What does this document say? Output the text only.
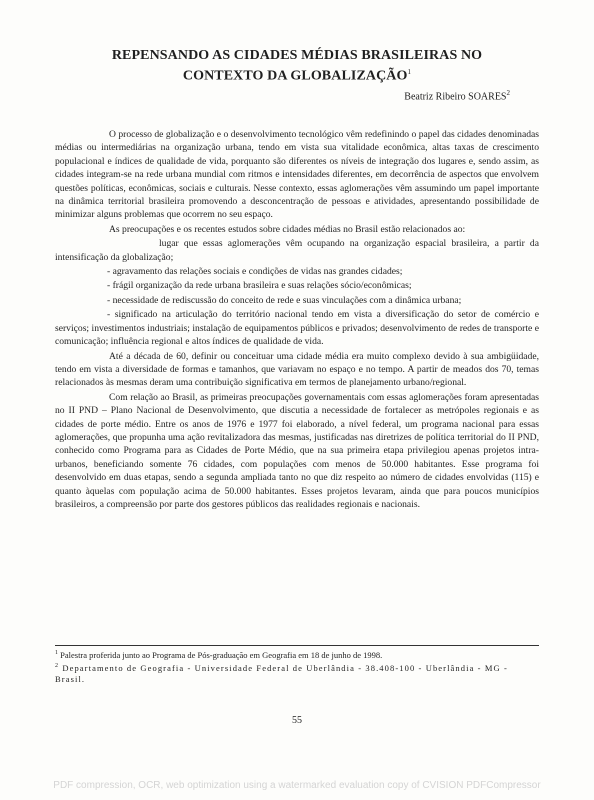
REPENSANDO AS CIDADES MÉDIAS BRASILEIRAS NO
CONTEXTO DA GLOBALIZAÇÃO$^1$
Beatriz Ribeiro SOARES$^2$

O processo de globalização e o desenvolvimento tecnológico vêm redefinindo o papel das cidades denominadas médias ou intermediárias na organização urbana, tendo em vista sua vitalidade econômica, altas taxas de crescimento populacional e índices de qualidade de vida, porquanto são diferentes os níveis de integração dos lugares e, sendo assim, as cidades integram-se na rede urbana mundial com ritmos e intensidades diferentes, em decorrência de aspectos que envolvem questões políticas, econômicas, sociais e culturais. Nesse contexto, essas aglomerações vêm assumindo um papel importante na dinâmica territorial brasileira promovendo a desconcentração de pessoas e atividades, apresentando possibilidade de minimizar alguns problemas que ocorrem no seu espaço.

As preocupações e os recentes estudos sobre cidades médias no Brasil estão relacionados ao:

lugar que essas aglomerações vêm ocupando na organização espacial brasileira, a partir da intensificação da globalização;

- agravamento das relações sociais e condições de vidas nas grandes cidades;

- frágil organização da rede urbana brasileira e suas relações sócio/econômicas;

- necessidade de rediscussão do conceito de rede e suas vinculações com a dinâmica urbana;

- significado na articulação do território nacional tendo em vista a diversificação do setor de comércio e serviços; investimentos industriais; instalação de equipamentos públicos e privados; desenvolvimento de redes de transporte e comunicação; influência regional e altos índices de qualidade de vida.

Até a década de 60, definir ou conceituar uma cidade média era muito complexo devido à sua ambigüidade, tendo em vista a diversidade de formas e tamanhos, que variavam no espaço e no tempo. A partir de meados dos 70, temas relacionados às mesmas deram uma contribuição significativa em termos de planejamento urbano/regional.

Com relação ao Brasil, as primeiras preocupações governamentais com essas aglomerações foram apresentadas no II PND – Plano Nacional de Desenvolvimento, que discutia a necessidade de fortalecer as metrópoles regionais e as cidades de porte médio. Entre os anos de 1976 e 1977 foi elaborado, a nível federal, um programa nacional para essas aglomerações, que propunha uma ação revitalizadora das mesmas, justificadas nas diretrizes de política territorial do II PND, conhecido como Programa para as Cidades de Porte Médio, que na sua primeira etapa privilegiou apenas projetos intra-urbanos, beneficiando somente 76 cidades, com populações com menos de 50.000 habitantes. Esse programa foi desenvolvido em duas etapas, sendo a segunda ampliada tanto no que diz respeito ao número de cidades envolvidas (115) e quanto àquelas com população acima de 50.000 habitantes. Esses projetos levaram, ainda que para poucos municípios brasileiros, a compreensão por parte dos gestores públicos das realidades regionais e nacionais.

$^1$ Palestra proferida junto ao Programa de Pós-graduação em Geografia em 18 de junho de 1998.
$^2$ Departamento de Geografia - Universidade Federal de Uberlândia - 38.408-100 - Uberlândia - MG - Brasil.
55
PDF compression, OCR, web optimization using a watermarked evaluation copy of CVISION PDFCompressor
